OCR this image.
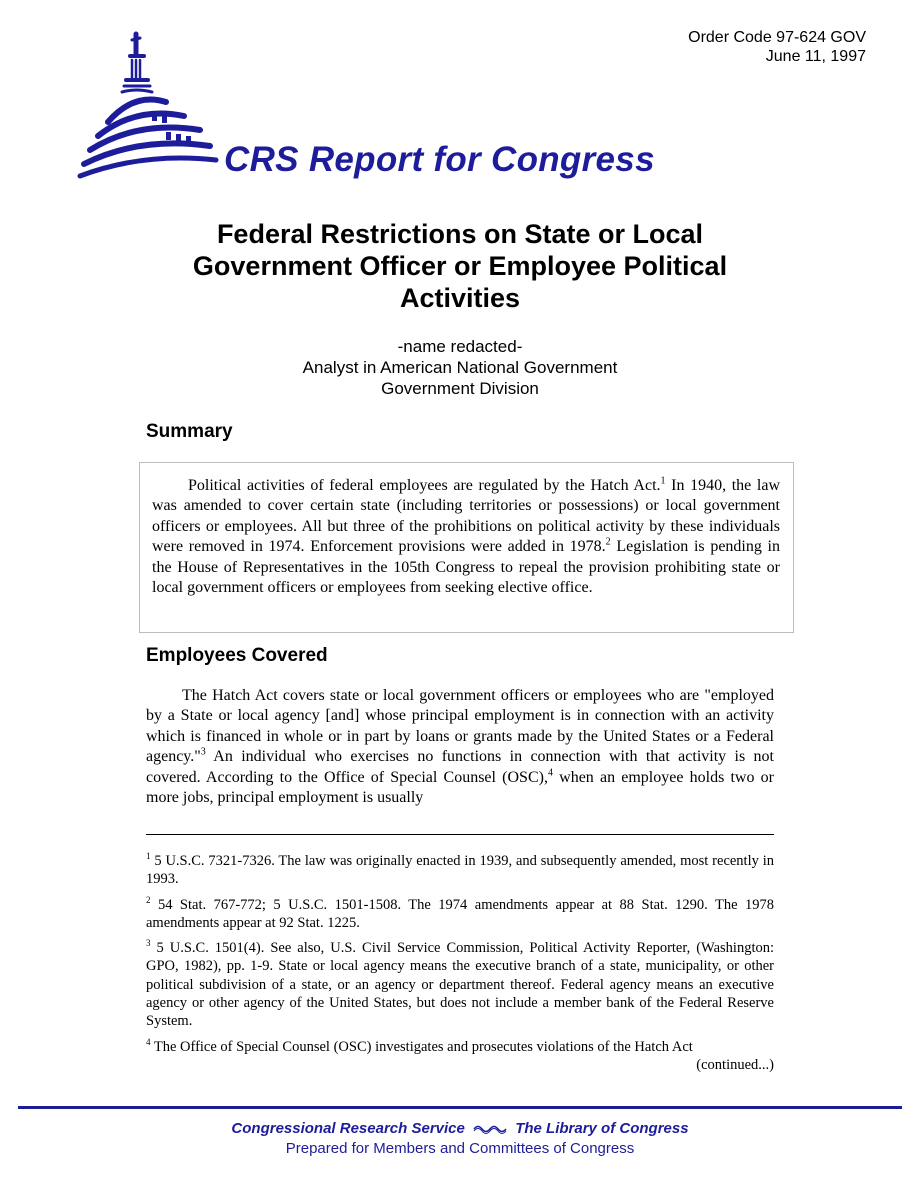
Order Code 97-624 GOV
June 11, 1997
CRS Report for Congress
Federal Restrictions on State or Local
Government Officer or Employee Political
Activities
-name redacted-
Analyst in American National Government
Government Division
Summary

Political activities of federal employees are regulated by the Hatch Act.$^1$ In 1940, the law was amended to cover certain state (including territories or possessions) or local government officers or employees. All but three of the prohibitions on political activity by these individuals were removed in 1974. Enforcement provisions were added in 1978.$^2$ Legislation is pending in the House of Representatives in the 105th Congress to repeal the provision prohibiting state or local government officers or employees from seeking elective office.

Employees Covered

The Hatch Act covers state or local government officers or employees who are "employed by a State or local agency [and] whose principal employment is in connection with an activity which is financed in whole or in part by loans or grants made by the United States or a Federal agency."$^3$ An individual who exercises no functions in connection with that activity is not covered. According to the Office of Special Counsel (OSC),$^4$ when an employee holds two or more jobs, principal employment is usually

$^1$ 5 U.S.C. 7321-7326. The law was originally enacted in 1939, and subsequently amended, most recently in 1993.

$^2$ 54 Stat. 767-772; 5 U.S.C. 1501-1508. The 1974 amendments appear at 88 Stat. 1290. The 1978 amendments appear at 92 Stat. 1225.

$^3$ 5 U.S.C. 1501(4). See also, U.S. Civil Service Commission, Political Activity Reporter, (Washington: GPO, 1982), pp. 1-9. State or local agency means the executive branch of a state, municipality, or other political subdivision of a state, or an agency or department thereof. Federal agency means an executive agency or other agency of the United States, but does not include a member bank of the Federal Reserve System.

$^4$ The Office of Special Counsel (OSC) investigates and prosecutes violations of the Hatch Act

(continued...)

Congressional Research Service	The Library of Congress
Prepared for Members and Committees of Congress
